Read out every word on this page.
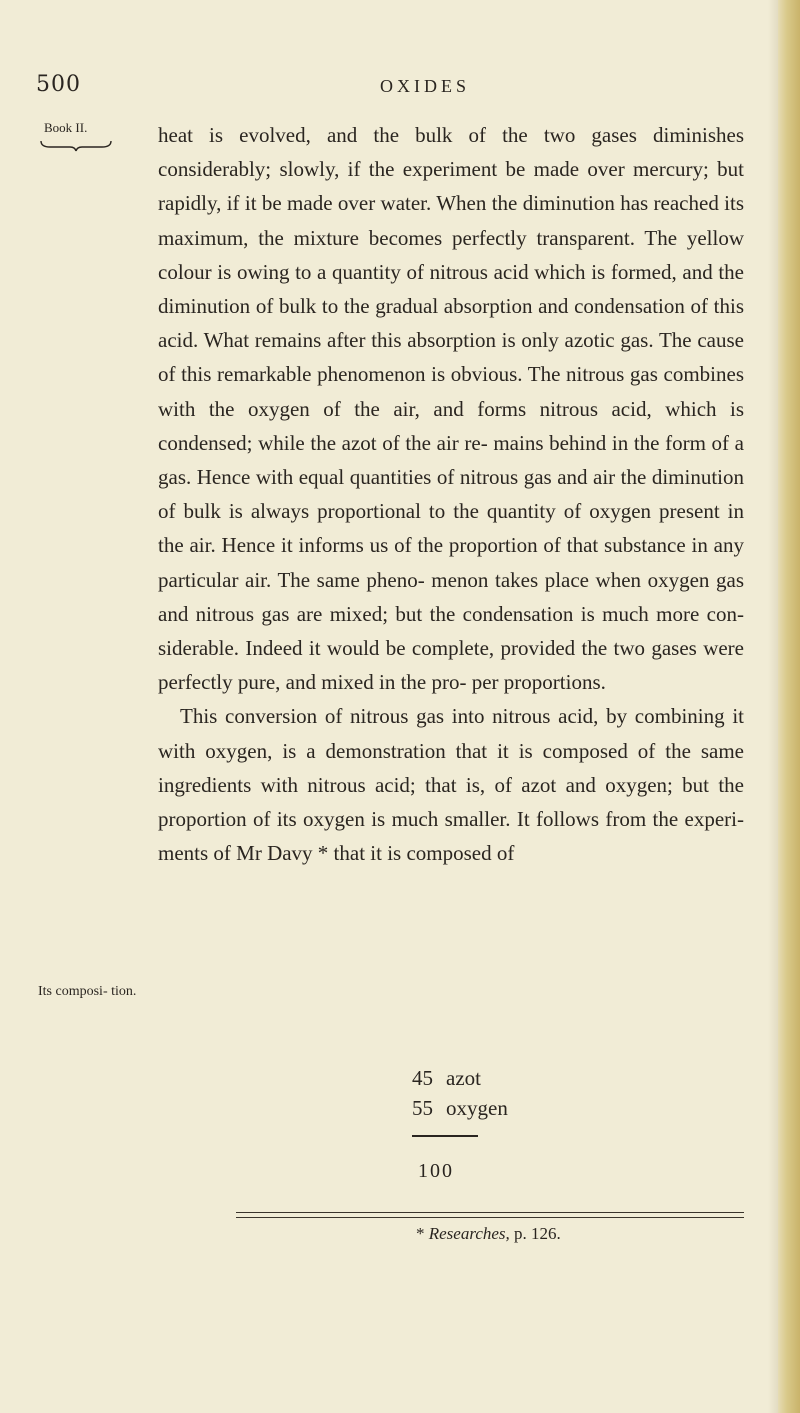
500	OXIDES
Book II.
Its composi- tion.

heat is evolved, and the bulk of the two gases diminishes considerably; slowly, if the experiment be made over mercury; but rapidly, if it be made over water. When the diminution has reached its maximum, the mixture becomes perfectly transparent. The yellow colour is owing to a quantity of nitrous acid which is formed, and the diminution of bulk to the gradual absorption and condensation of this acid. What remains after this absorption is only azotic gas. The cause of this remarkable phenomenon is obvious. The nitrous gas combines with the oxygen of the air, and forms nitrous acid, which is condensed; while the azot of the air re- mains behind in the form of a gas. Hence with equal quantities of nitrous gas and air the diminution of bulk is always proportional to the quantity of oxygen present in the air. Hence it informs us of the proportion of that substance in any particular air. The same pheno- menon takes place when oxygen gas and nitrous gas are mixed; but the condensation is much more con- siderable. Indeed it would be complete, provided the two gases were perfectly pure, and mixed in the pro- per proportions.

This conversion of nitrous gas into nitrous acid, by combining it with oxygen, is a demonstration that it is composed of the same ingredients with nitrous acid; that is, of azot and oxygen; but the proportion of its oxygen is much smaller. It follows from the experi- ments of Mr Davy * that it is composed of

45 azot
55 oxygen
100
* Researches, p. 126.
